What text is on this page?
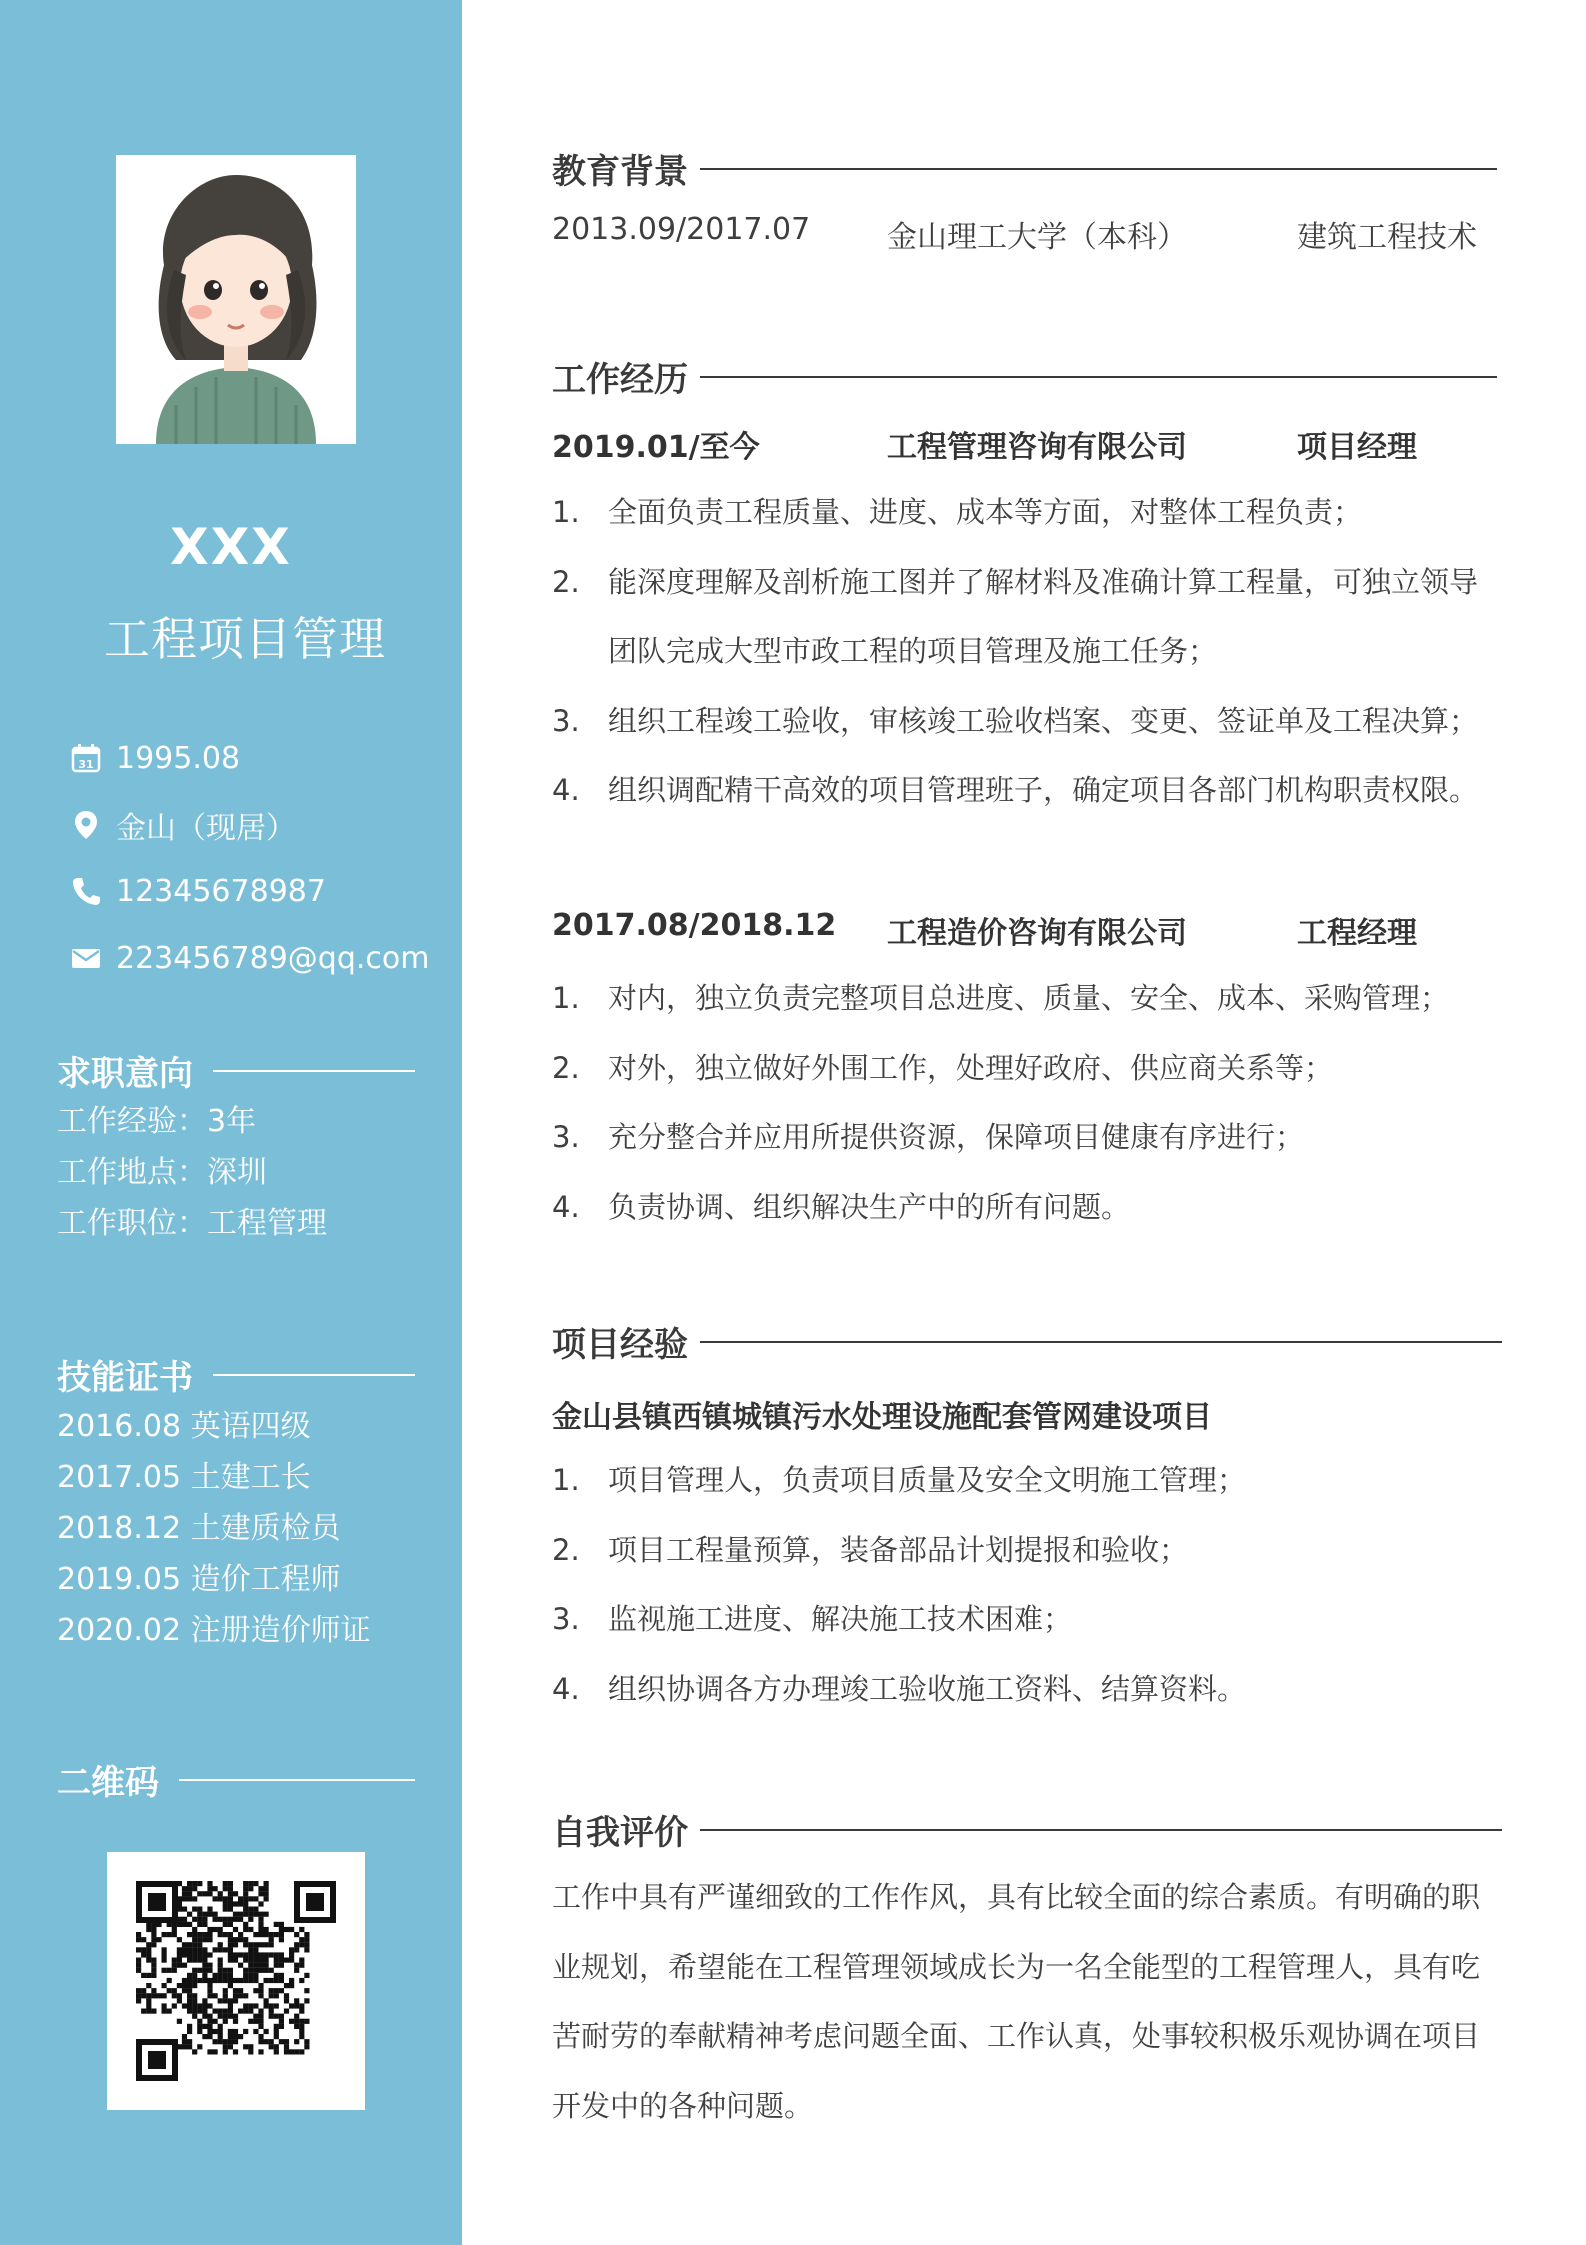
XXX
工程项目管理
31 1995.08
金山（现居）
12345678987
223456789@qq.com
求职意向
工作经验：3年
工作地点：深圳
工作职位：工程管理
技能证书
2016.08 英语四级
2017.05 土建工长
2018.12 土建质检员
2019.05 造价工程师
2020.02 注册造价师证
二维码
教育背景
2013.09/2017.07	金山理工大学（本科）	建筑工程技术
工作经历
2019.01/至今	工程管理咨询有限公司	项目经理
1. 全面负责工程质量、进度、成本等方面，对整体工程负责；
2. 能深度理解及剖析施工图并了解材料及准确计算工程量，可独立领导团队完成大型市政工程的项目管理及施工任务；
3. 组织工程竣工验收，审核竣工验收档案、变更、签证单及工程决算；
4. 组织调配精干高效的项目管理班子，确定项目各部门机构职责权限。
2017.08/2018.12 工程造价咨询有限公司	工程经理
1. 对内，独立负责完整项目总进度、质量、安全、成本、采购管理；
2. 对外，独立做好外围工作，处理好政府、供应商关系等；
3. 充分整合并应用所提供资源，保障项目健康有序进行；
4. 负责协调、组织解决生产中的所有问题。
项目经验
金山县镇西镇城镇污水处理设施配套管网建设项目
1. 项目管理人，负责项目质量及安全文明施工管理；
2. 项目工程量预算，装备部品计划提报和验收；
3. 监视施工进度、解决施工技术困难；
4. 组织协调各方办理竣工验收施工资料、结算资料。
自我评价
工作中具有严谨细致的工作作风，具有比较全面的综合素质。有明确的职业规划，希望能在工程管理领域成长为一名全能型的工程管理人，具有吃苦耐劳的奉献精神考虑问题全面、工作认真，处事较积极乐观协调在项目开发中的各种问题。
